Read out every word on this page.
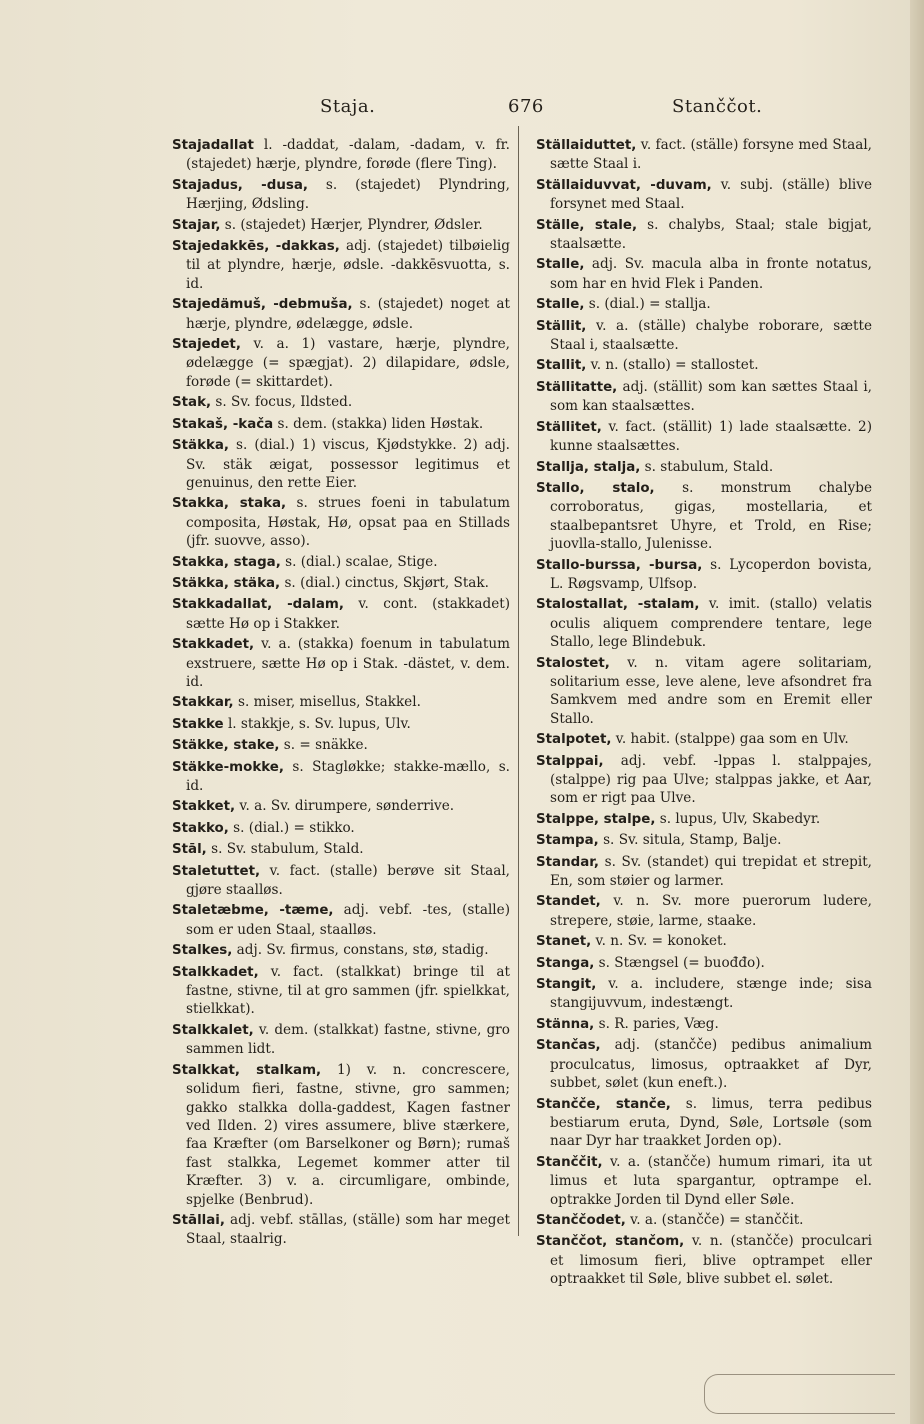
Staja.	676	Stanččot.

Stajadallat l. -daddat, -dalam, -dadam, v. fr. (stajedet) hærje, plyndre, forøde (flere Ting).

Stajadus, -dusa, s. (stajedet) Plyndring, Hærjing, Ødsling.

Stajar, s. (stajedet) Hærjer, Plyndrer, Ødsler.

Stajedakkēs, -dakkas, adj. (stajedet) tilbøielig til at plyndre, hærje, ødsle. -dakkēsvuotta, s. id.

Stajedämuš, -debmuša, s. (stajedet) noget at hærje, plyndre, ødelægge, ødsle.

Stajedet, v. a. 1) vastare, hærje, plyndre, ødelægge (= spægjat). 2) dilapidare, ødsle, forøde (= skittardet).

Stak, s. Sv. focus, Ildsted.

Stakaš, -kača s. dem. (stakka) liden Høstak.

Stäkka, s. (dial.) 1) viscus, Kjødstykke. 2) adj. Sv. stäk æigat, possessor legitimus et genuinus, den rette Eier.

Stakka, staka, s. strues foeni in tabulatum composita, Høstak, Hø, opsat paa en Stillads (jfr. suovve, asso).

Stakka, staga, s. (dial.) scalae, Stige.

Stäkka, stäka, s. (dial.) cinctus, Skjørt, Stak.

Stakkadallat, -dalam, v. cont. (stakkadet) sætte Hø op i Stakker.

Stakkadet, v. a. (stakka) foenum in tabulatum exstruere, sætte Hø op i Stak. -dästet, v. dem. id.

Stakkar, s. miser, misellus, Stakkel.

Stakke l. stakkje, s. Sv. lupus, Ulv.

Stäkke, stake, s. = snäkke.

Stäkke-mokke, s. Stagløkke; stakke-mællo, s. id.

Stakket, v. a. Sv. dirumpere, sønderrive.

Stakko, s. (dial.) = stikko.

Stāl, s. Sv. stabulum, Stald.

Staletuttet, v. fact. (stalle) berøve sit Staal, gjøre staalløs.

Staletæbme, -tæme, adj. vebf. -tes, (stalle) som er uden Staal, staalløs.

Stalkes, adj. Sv. firmus, constans, stø, stadig.

Stalkkadet, v. fact. (stalkkat) bringe til at fastne, stivne, til at gro sammen (jfr. spielkkat, stielkkat).

Stalkkalet, v. dem. (stalkkat) fastne, stivne, gro sammen lidt.

Stalkkat, stalkam, 1) v. n. concrescere, solidum fieri, fastne, stivne, gro sammen; gakko stalkka dolla-gaddest, Kagen fastner ved Ilden. 2) vires assumere, blive stærkere, faa Kræfter (om Barselkoner og Børn); rumaš fast stalkka, Legemet kommer atter til Kræfter. 3) v. a. circumligare, ombinde, spjelke (Benbrud).

Stāllai, adj. vebf. stāllas, (ställe) som har meget Staal, staalrig.

Ställaiduttet, v. fact. (ställe) forsyne med Staal, sætte Staal i.

Ställaiduvvat, -duvam, v. subj. (ställe) blive forsynet med Staal.

Ställe, stale, s. chalybs, Staal; stale bigjat, staalsætte.

Stalle, adj. Sv. macula alba in fronte notatus, som har en hvid Flek i Panden.

Stalle, s. (dial.) = stallja.

Ställit, v. a. (ställe) chalybe roborare, sætte Staal i, staalsætte.

Stallit, v. n. (stallo) = stallostet.

Ställitatte, adj. (ställit) som kan sættes Staal i, som kan staalsættes.

Ställitet, v. fact. (ställit) 1) lade staalsætte. 2) kunne staalsættes.

Stallja, stalja, s. stabulum, Stald.

Stallo, stalo, s. monstrum chalybe corroboratus, gigas, mostellaria, et staalbepantsret Uhyre, et Trold, en Rise; juovlla-stallo, Julenisse.

Stallo-burssa, -bursa, s. Lycoperdon bovista, L. Røgsvamp, Ulfsop.

Stalostallat, -stalam, v. imit. (stallo) velatis oculis aliquem comprendere tentare, lege Stallo, lege Blindebuk.

Stalostet, v. n. vitam agere solitariam, solitarium esse, leve alene, leve afsondret fra Samkvem med andre som en Eremit eller Stallo.

Stalpotet, v. habit. (stalppe) gaa som en Ulv.

Stalppai, adj. vebf. -lppas l. stalppajes, (stalppe) rig paa Ulve; stalppas jakke, et Aar, som er rigt paa Ulve.

Stalppe, stalpe, s. lupus, Ulv, Skabedyr.

Stampa, s. Sv. situla, Stamp, Balje.

Standar, s. Sv. (standet) qui trepidat et strepit, En, som støier og larmer.

Standet, v. n. Sv. more puerorum ludere, strepere, støie, larme, staake.

Stanet, v. n. Sv. = konoket.

Stanga, s. Stængsel (= buođđo).

Stangit, v. a. includere, stænge inde; sisa stangijuvvum, indestængt.

Stänna, s. R. paries, Væg.

Stančas, adj. (stanččе) pedibus animalium proculcatus, limosus, optraakket af Dyr, subbet, sølet (kun eneft.).

Stančče, stanče, s. limus, terra pedibus bestiarum eruta, Dynd, Søle, Lortsøle (som naar Dyr har traakket Jorden op).

Stanččit, v. a. (stančče) humum rimari, ita ut limus et luta spargantur, optrampe el. optrakke Jorden til Dynd eller Søle.

Stanččodet, v. a. (stančče) = stanččit.

Stanččot, stančom, v. n. (stančče) proculcari et limosum fieri, blive optrampet eller optraakket til Søle, blive subbet el. sølet.
